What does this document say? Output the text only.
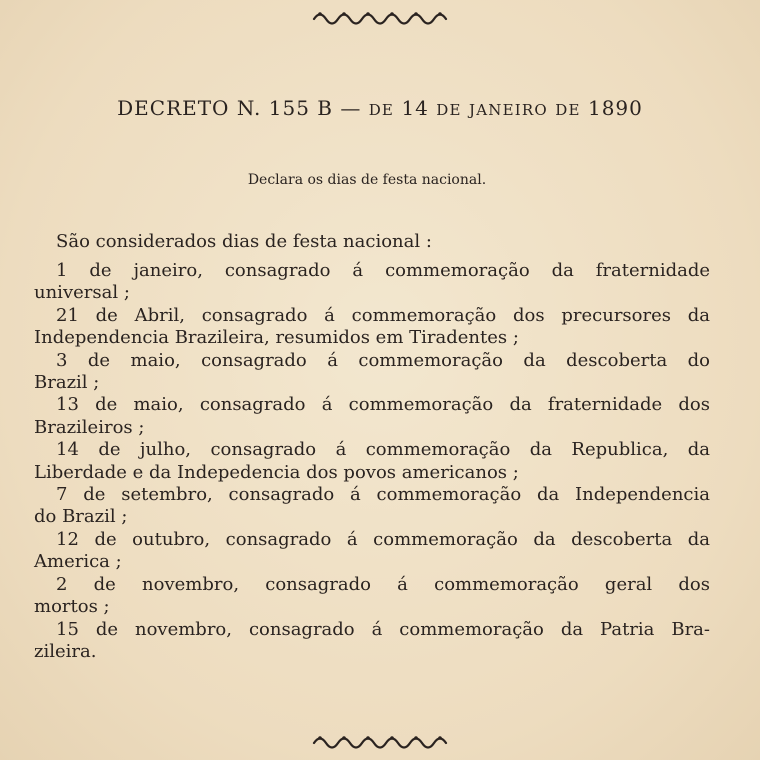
DECRETO N. 155 B — DE 14 DE JANEIRO DE 1890
Declara os dias de festa nacional.
São considerados dias de festa nacional :
1 de janeiro, consagrado á commemoração da fraternidade
universal ;
21 de Abril, consagrado á commemoração dos precursores da
Independencia Brazileira, resumidos em Tiradentes ;
3 de maio, consagrado á commemoração da descoberta do
Brazil ;
13 de maio, consagrado á commemoração da fraternidade dos
Brazileiros ;
14 de julho, consagrado á commemoração da Republica, da
Liberdade e da Indepedencia dos povos americanos ;
7 de setembro, consagrado á commemoração da Independencia
do Brazil ;
12 de outubro, consagrado á commemoração da descoberta da
America ;
2 de novembro, consagrado á commemoração geral dos
mortos ;
15 de novembro, consagrado á commemoração da Patria Bra-
zileira.
